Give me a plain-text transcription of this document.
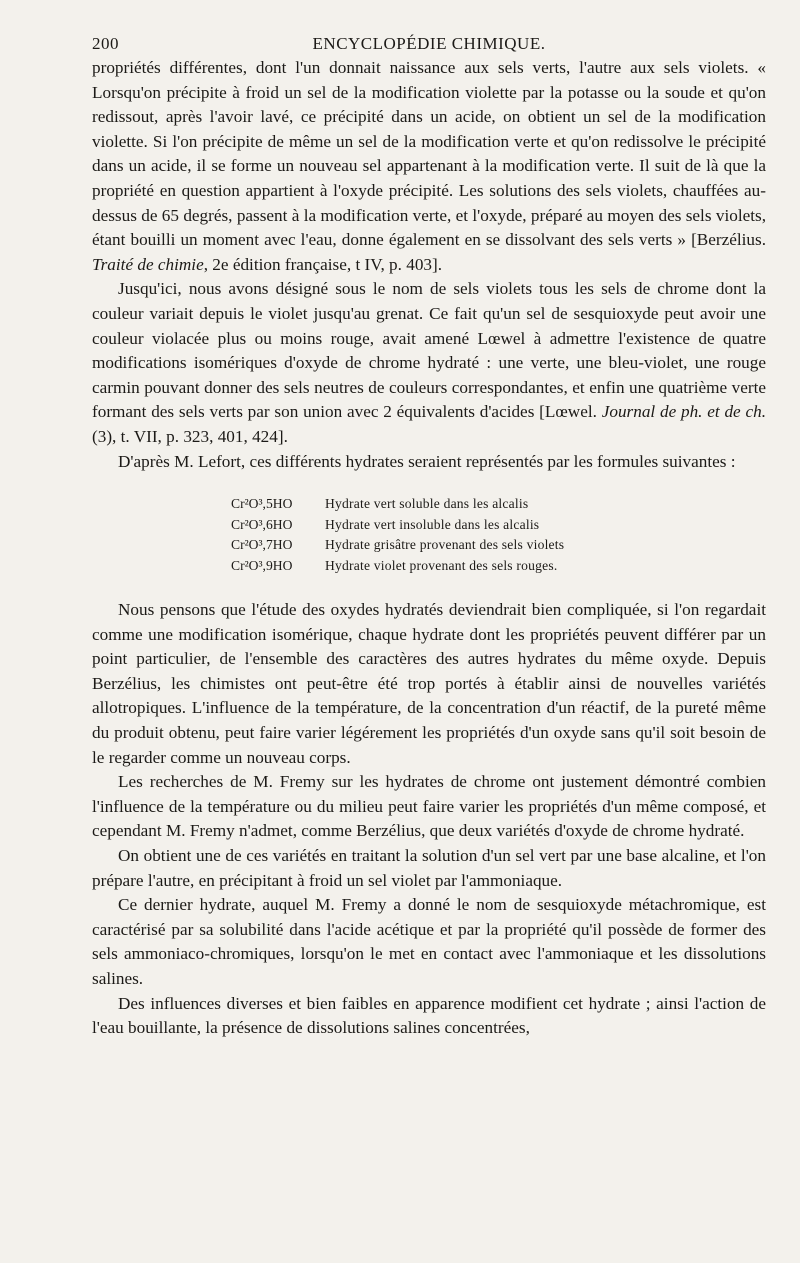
200	ENCYCLOPÉDIE CHIMIQUE.

propriétés différentes, dont l'un donnait naissance aux sels verts, l'autre aux sels violets. « Lorsqu'on précipite à froid un sel de la modification violette par la potasse ou la soude et qu'on redissout, après l'avoir lavé, ce précipité dans un acide, on obtient un sel de la modification violette. Si l'on précipite de même un sel de la modification verte et qu'on redissolve le précipité dans un acide, il se forme un nouveau sel appartenant à la modification verte. Il suit de là que la propriété en question appartient à l'oxyde précipité. Les solutions des sels violets, chauffées au-dessus de 65 degrés, passent à la modification verte, et l'oxyde, préparé au moyen des sels violets, étant bouilli un moment avec l'eau, donne également en se dissolvant des sels verts » [Berzélius. Traité de chimie, 2e édition française, t IV, p. 403].

Jusqu'ici, nous avons désigné sous le nom de sels violets tous les sels de chrome dont la couleur variait depuis le violet jusqu'au grenat. Ce fait qu'un sel de sesquioxyde peut avoir une couleur violacée plus ou moins rouge, avait amené Lœwel à admettre l'existence de quatre modifications isomériques d'oxyde de chrome hydraté : une verte, une bleu-violet, une rouge carmin pouvant donner des sels neutres de couleurs correspondantes, et enfin une quatrième verte formant des sels verts par son union avec 2 équivalents d'acides [Lœwel. Journal de ph. et de ch. (3), t. VII, p. 323, 401, 424].

D'après M. Lefort, ces différents hydrates seraient représentés par les formules suivantes :

Cr²O³,5HO	Hydrate vert soluble dans les alcalis
Cr²O³,6HO	Hydrate vert insoluble dans les alcalis
Cr²O³,7HO	Hydrate grisâtre provenant des sels violets
Cr²O³,9HO	Hydrate violet provenant des sels rouges.

Nous pensons que l'étude des oxydes hydratés deviendrait bien compliquée, si l'on regardait comme une modification isomérique, chaque hydrate dont les propriétés peuvent différer par un point particulier, de l'ensemble des caractères des autres hydrates du même oxyde. Depuis Berzélius, les chimistes ont peut-être été trop portés à établir ainsi de nouvelles variétés allotropiques. L'influence de la température, de la concentration d'un réactif, de la pureté même du produit obtenu, peut faire varier légérement les propriétés d'un oxyde sans qu'il soit besoin de le regarder comme un nouveau corps.

Les recherches de M. Fremy sur les hydrates de chrome ont justement démontré combien l'influence de la température ou du milieu peut faire varier les propriétés d'un même composé, et cependant M. Fremy n'admet, comme Berzélius, que deux variétés d'oxyde de chrome hydraté.

On obtient une de ces variétés en traitant la solution d'un sel vert par une base alcaline, et l'on prépare l'autre, en précipitant à froid un sel violet par l'ammoniaque.

Ce dernier hydrate, auquel M. Fremy a donné le nom de sesquioxyde métachromique, est caractérisé par sa solubilité dans l'acide acétique et par la propriété qu'il possède de former des sels ammoniaco-chromiques, lorsqu'on le met en contact avec l'ammoniaque et les dissolutions salines.

Des influences diverses et bien faibles en apparence modifient cet hydrate ; ainsi l'action de l'eau bouillante, la présence de dissolutions salines concentrées,
